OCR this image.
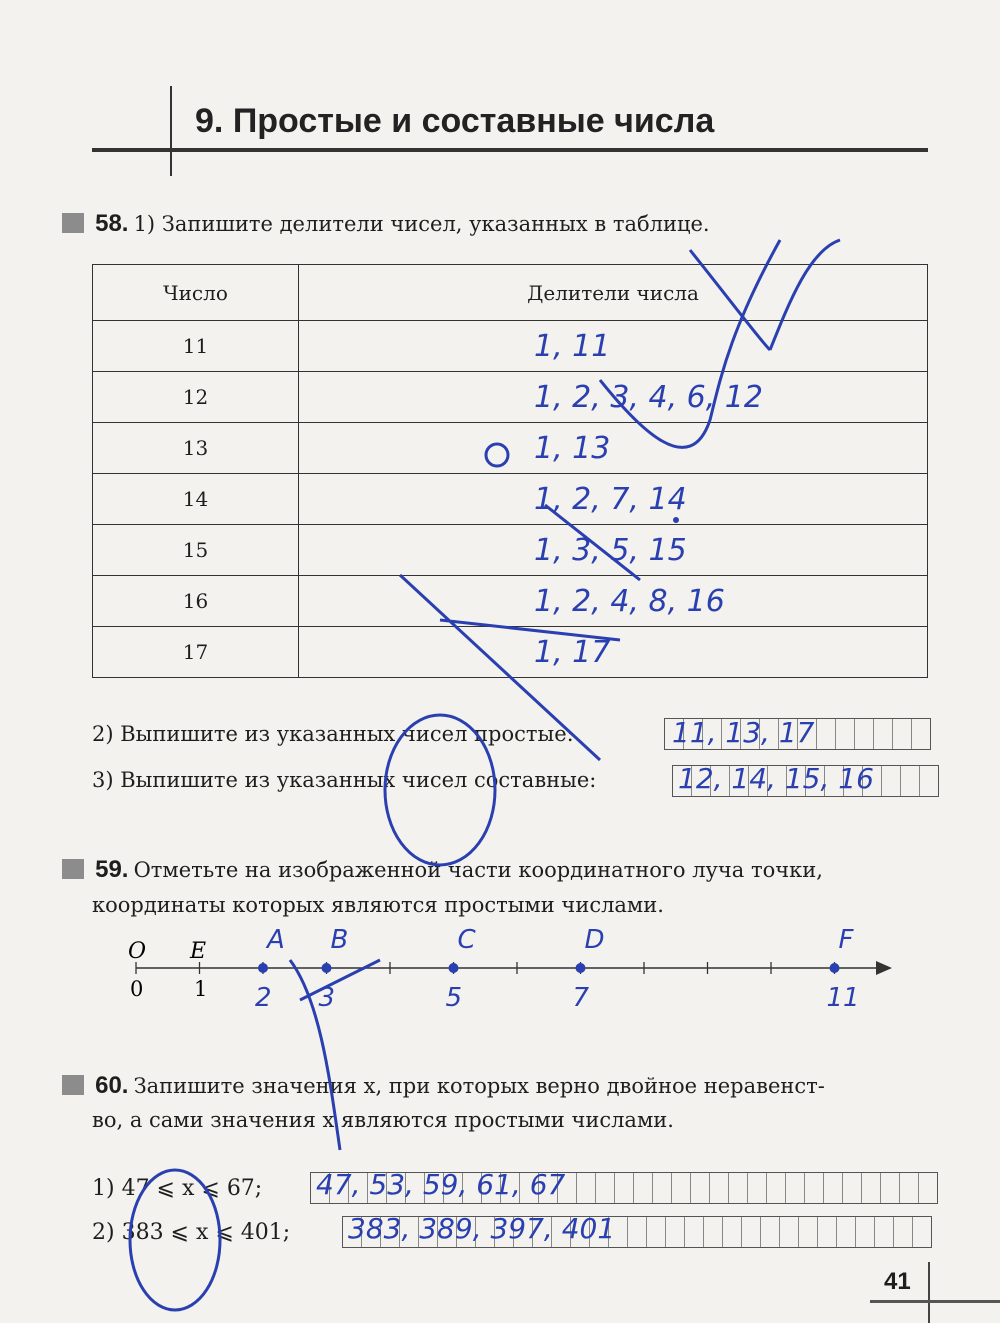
9. Простые и составные числа
58. 1) Запишите делители чисел, указанных в таблице.
Число	Делители числа
11	1, 11
12	1, 2, 3, 4, 6, 12
13	1, 13
14	1, 2, 7, 14
15	1, 3, 5, 15
16	1, 2, 4, 8, 16
17	1, 17
2) Выпишите из указанных чисел простые:	11, 13, 17
3) Выпишите из указанных чисел составные:	12, 14, 15, 16
59. Отметьте на изображенной части координатного луча точки,
координаты которых являются простыми числами.
O E
0 1
A
2
B
3
C
5
D
7
F
11
60. Запишите значения x, при которых верно двойное неравенст-
во, а сами значения x являются простыми числами.
1) 47 ⩽ x ⩽ 67; 47, 53, 59, 61, 67
2) 383 ⩽ x ⩽ 401; 383, 389, 397, 401
41
